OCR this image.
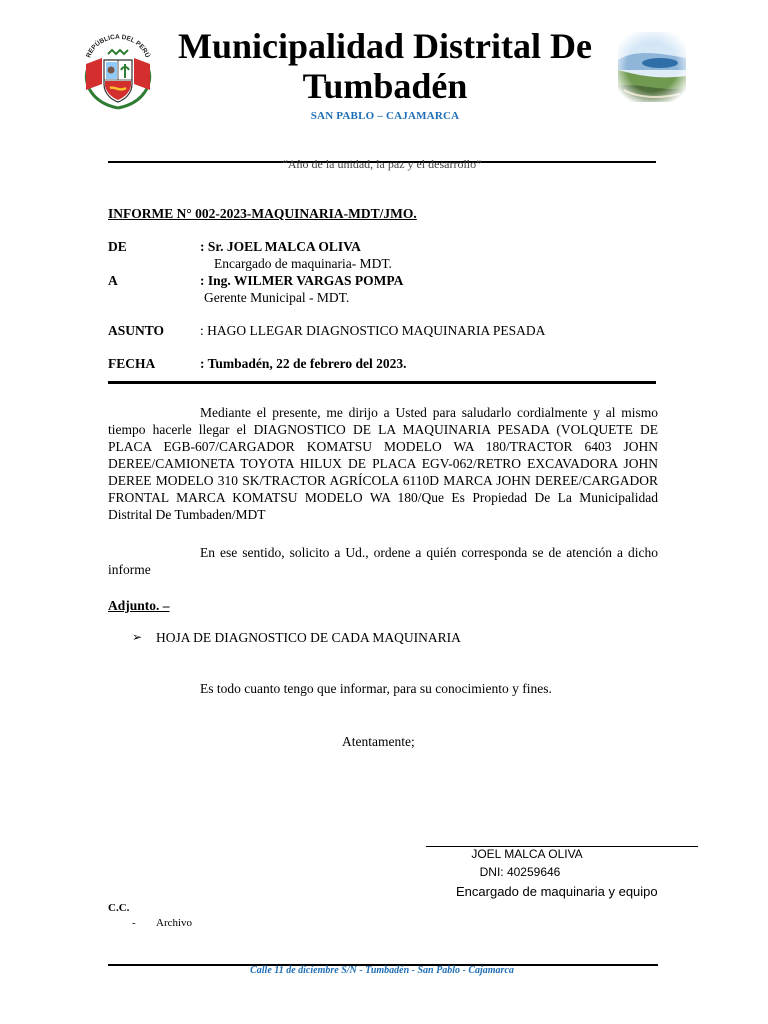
REPÚBLICA DEL PERÚ Municipalidad Distrital De
Tumbadén
SAN PABLO – CAJAMARCA
“Año de la unidad, la paz y el desarrollo”
INFORME N° 002-2023-MAQUINARIA-MDT/JMO.
DE	: Sr. JOEL MALCA OLIVA
Encargado de maquinaria- MDT.
A	: Ing. WILMER VARGAS POMPA
Gerente Municipal - MDT.
ASUNTO	: HAGO LLEGAR DIAGNOSTICO MAQUINARIA PESADA
FECHA	: Tumbadén, 22 de febrero del 2023.
Mediante el presente, me dirijo a Usted para saludarlo cordialmente y al mismo tiempo hacerle llegar el DIAGNOSTICO DE LA MAQUINARIA PESADA (VOLQUETE DE PLACA EGB-607/CARGADOR KOMATSU MODELO WA 180/TRACTOR 6403 JOHN DEREE/CAMIONETA TOYOTA HILUX DE PLACA EGV-062/RETRO EXCAVADORA JOHN DEREE MODELO 310 SK/TRACTOR AGRÍCOLA 6110D MARCA JOHN DEREE/CARGADOR FRONTAL MARCA KOMATSU MODELO WA 180/Que Es Propiedad De La Municipalidad Distrital De Tumbaden/MDT
En ese sentido, solicito a Ud., ordene a quién corresponda se de atención a dicho informe
Adjunto. –
➢ HOJA DE DIAGNOSTICO DE CADA MAQUINARIA
Es todo cuanto tengo que informar, para su conocimiento y fines.
Atentamente;
JOEL MALCA OLIVA
DNI: 40259646
Encargado de maquinaria y equipo
C.C.
- Archivo
Calle 11 de diciembre S/N - Tumbadén - San Pablo - Cajamarca
